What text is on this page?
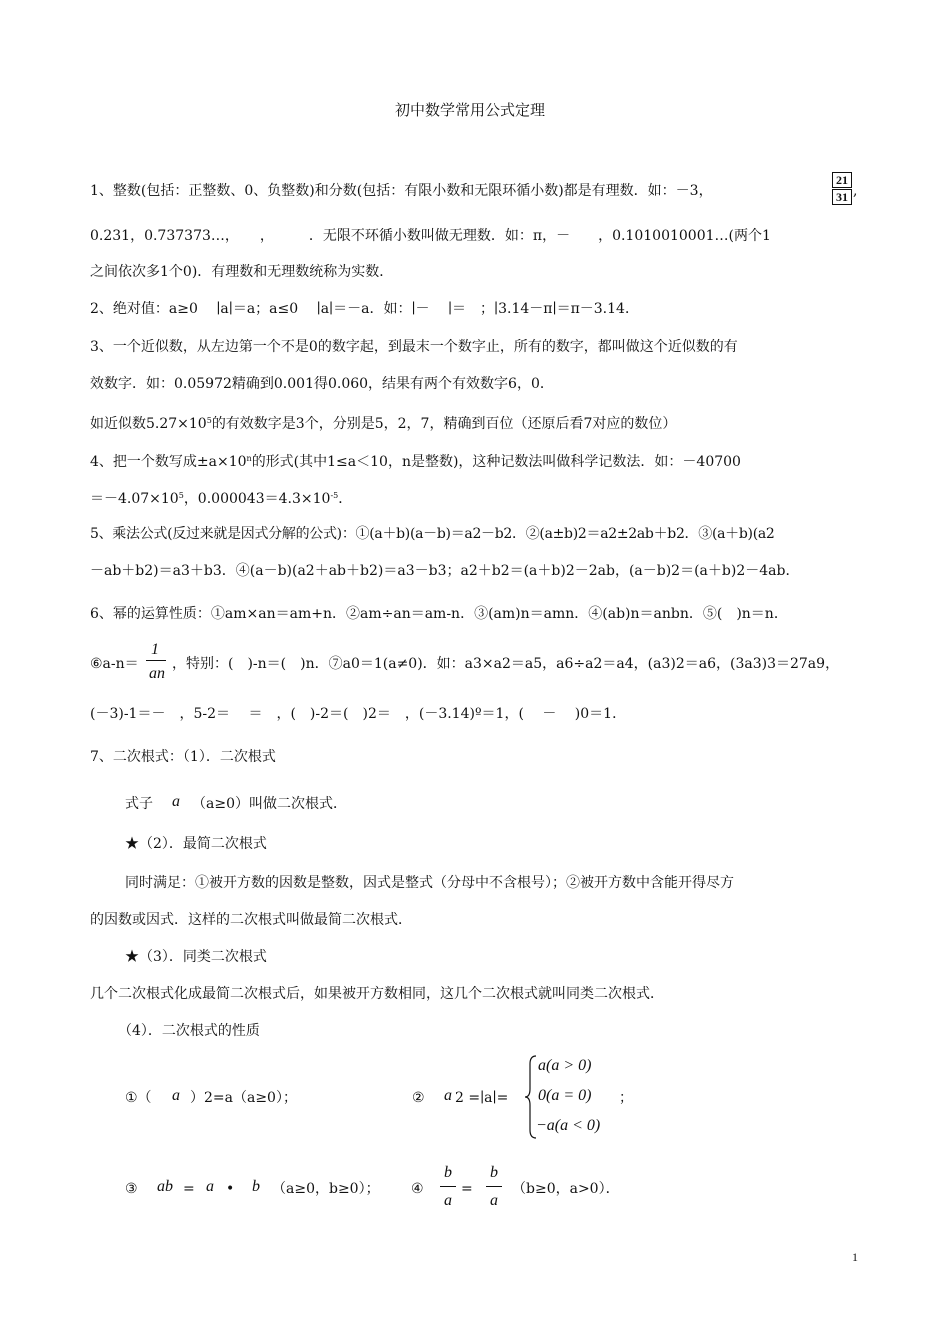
初中数学常用公式定理
1、整数(包括：正整数、0、负整数)和分数(包括：有限小数和无限环循小数)都是有理数．如：－3，
21
31 ,
0.231，0.737373…，　　，　　　．无限不环循小数叫做无理数．如：π，－　　，0.1010010001…(两个1
之间依次多1个0)．有理数和无理数统称为实数．
2、绝对值：a≥0　 ∣a∣＝a；a≤0　 ∣a∣＝－a．如：∣－　 ∣＝　；∣3.14－π∣＝π－3.14．
3、一个近似数，从左边第一个不是0的数字起，到最末一个数字止，所有的数字，都叫做这个近似数的有
效数字．如：0.05972精确到0.001得0.060，结果有两个有效数字6，0．
如近似数$5.27\times 10^5$的有效数字是3个，分别是5，2，7，精确到百位（还原后看7对应的数位）
4、把一个数写成$\pm a\times 10^n$的形式(其中1≤a＜10，n是整数)，这种记数法叫做科学记数法．如：－40700
$=-4.07\times 10^5$，$0.000043=4.3\times 10^{-5}$．
5、乘法公式(反过来就是因式分解的公式)：①(a＋b)(a－b)＝a2－b2．②(a±b)2＝a2±2ab＋b2．③(a＋b)(a2
－ab＋b2)＝a3＋b3．④(a－b)(a2＋ab＋b2)＝a3－b3；a2＋b2＝(a＋b)2－2ab，(a－b)2＝(a＋b)2－4ab．
6、幂的运算性质：①am×an＝am+n．②am÷an＝am-n．③(am)n＝amn．④(ab)n＝anbn．⑤(　)n＝n．
⑥a-n＝
1
an
，特别：(　)-n＝(　)n．⑦a0＝1(a≠0)．如：a3×a2＝a5，a6÷a2＝a4，(a3)2＝a6，(3a3)3＝27a9，
(－3)-1＝－　，5-2＝　 ＝　，(　)-2＝(　)2＝　，(－3.14)º＝1，(　 －　 )0＝1．
7、二次根式：（1）．二次根式
式子 a （a≥0）叫做二次根式．
★（2）．最简二次根式
同时满足：①被开方数的因数是整数，因式是整式（分母中不含根号）；②被开方数中含能开得尽方
的因数或因式．这样的二次根式叫做最简二次根式．
★（3）．同类二次根式
几个二次根式化成最简二次根式后，如果被开方数相同，这几个二次根式就叫同类二次根式．
（4）．二次根式的性质
①（ a ）2=a（a≥0）；	② a 2 =∣a∣=
a(a > 0)
0(a = 0)
−a(a < 0)
；
③ ab = a • b （a≥0，b≥0）； ④
b
a
=
b
a
（b≥0，a>0）．
1
